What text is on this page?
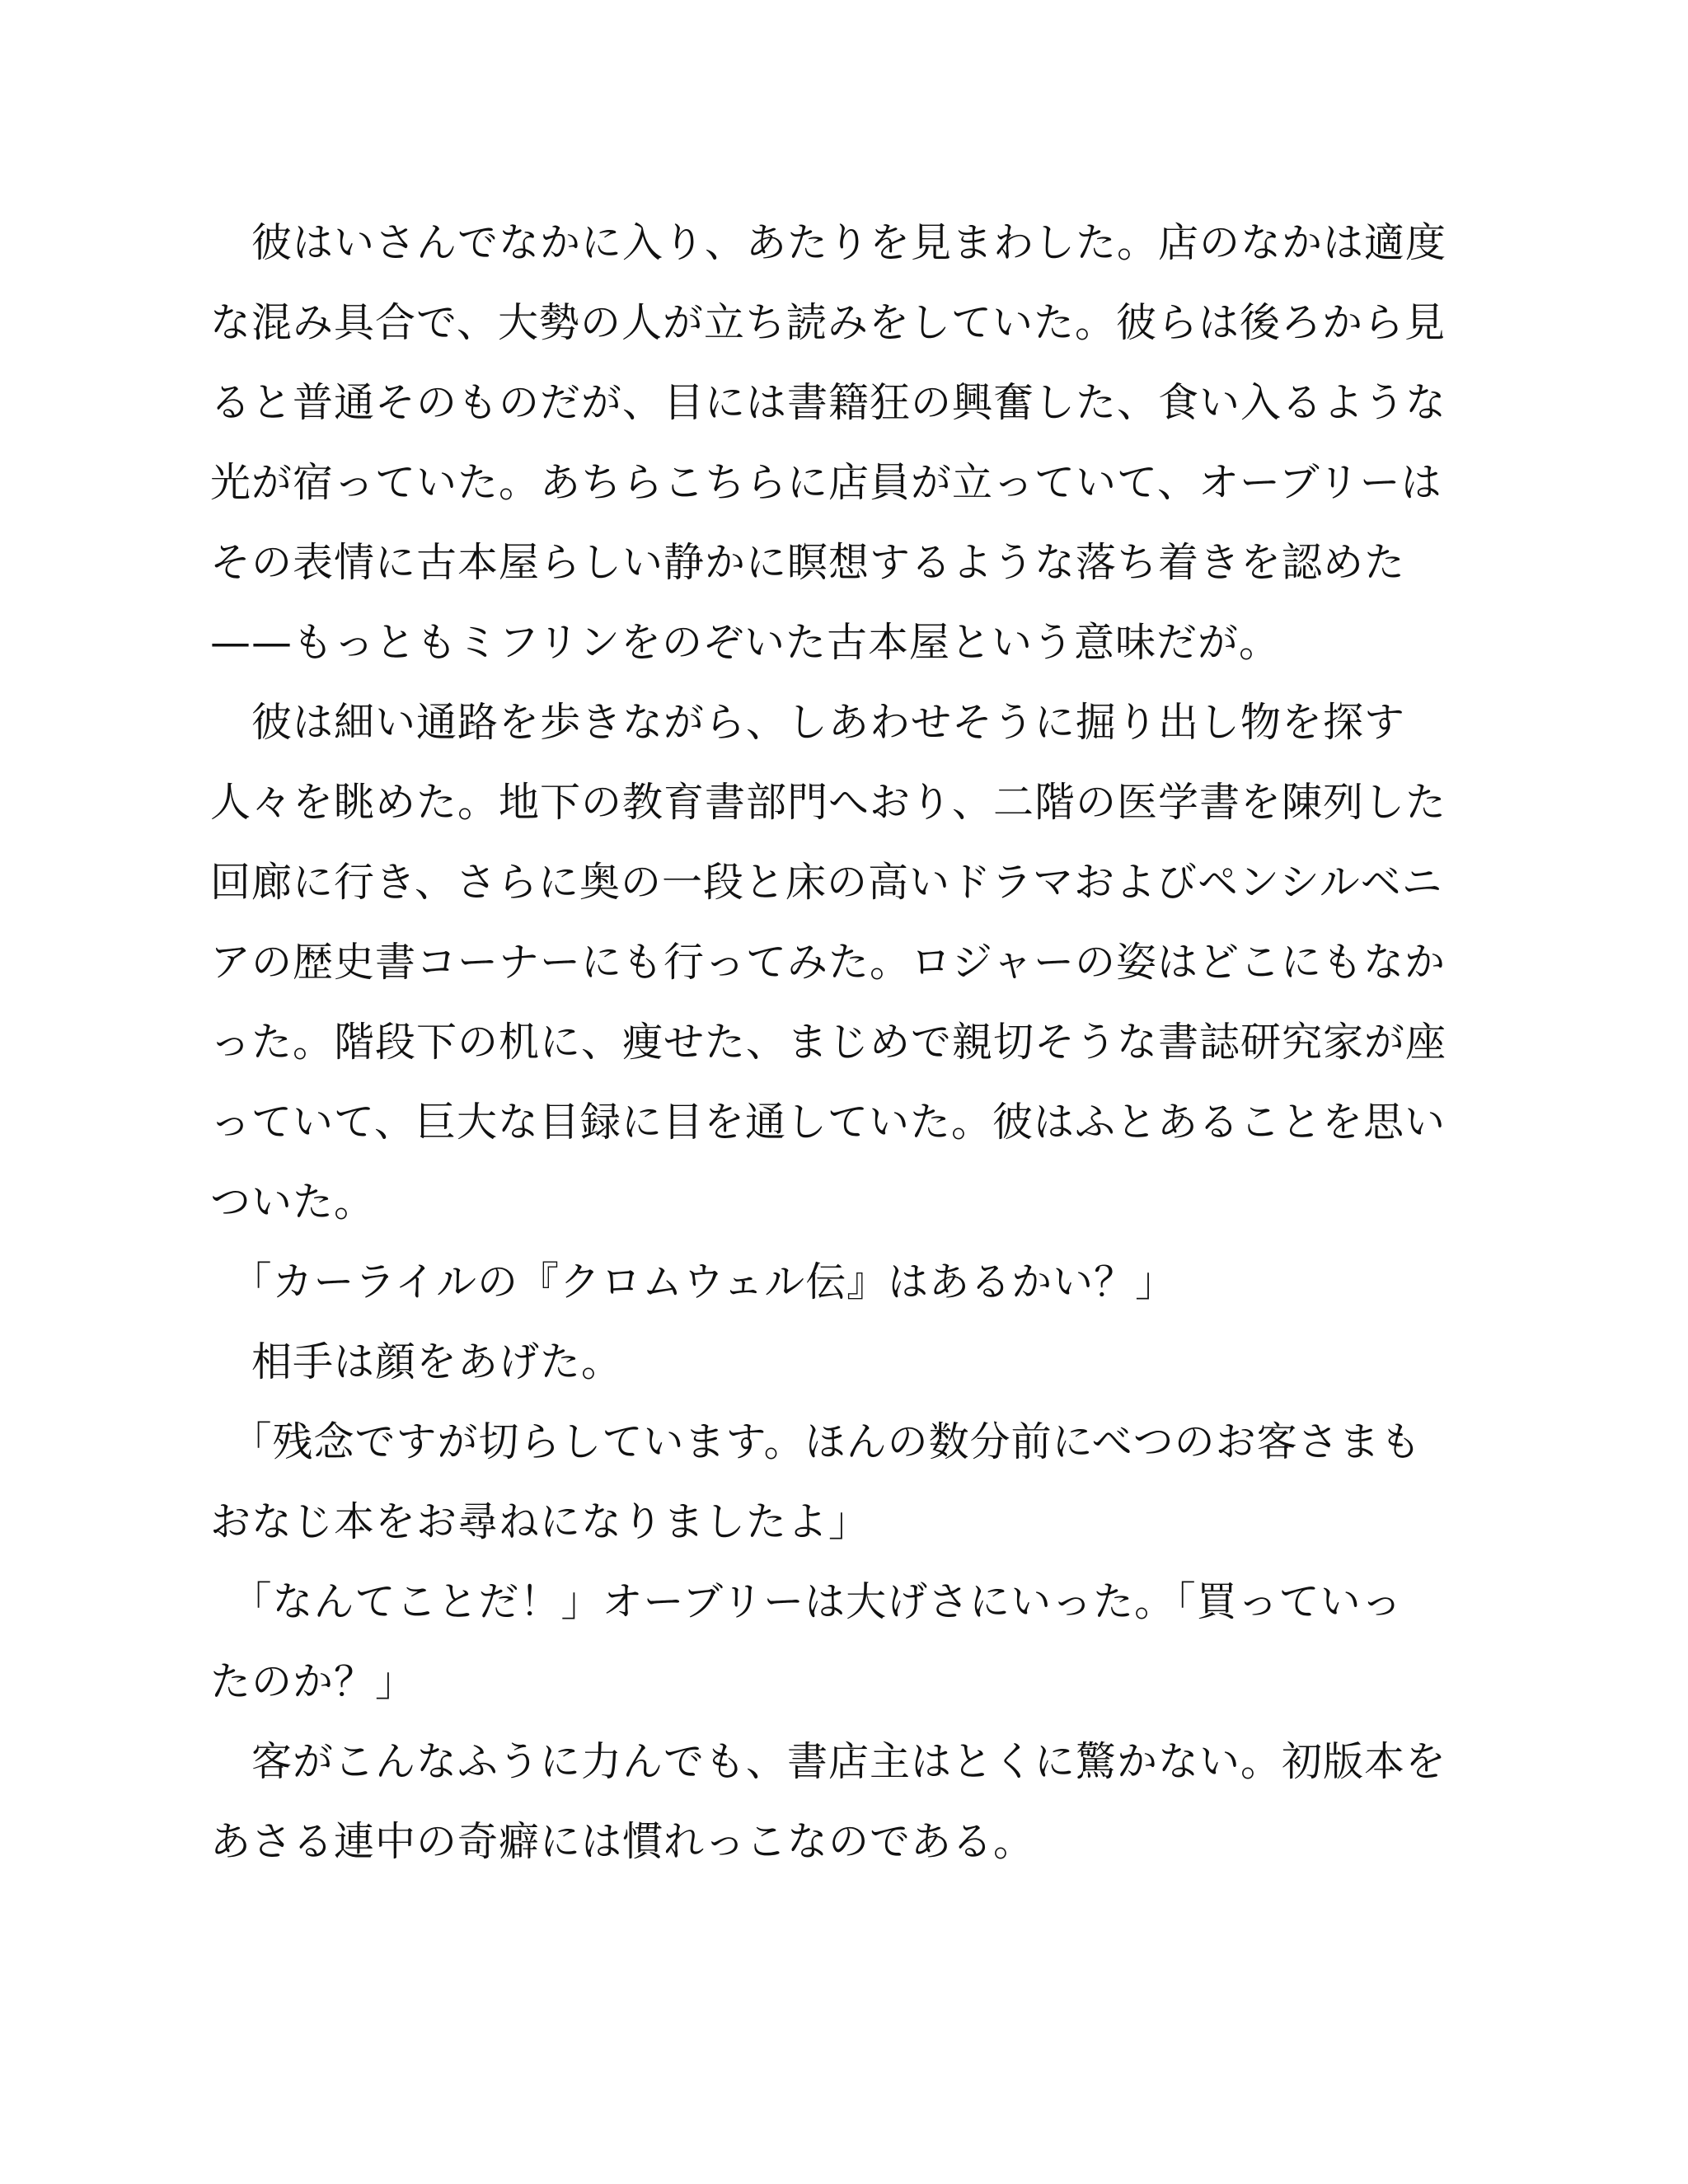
　彼はいさんでなかに入り、あたりを見まわした。店のなかは適度
な混み具合で、大勢の人が立ち読みをしていた。彼らは後ろから見
ると普通そのものだが、目には書籍狂の興奮した、食い入るような
光が宿っていた。あちらこちらに店員が立っていて、オーブリーは
その表情に古本屋らしい静かに瞑想するような落ち着きを認めた
——もっともミフリンをのぞいた古本屋という意味だが。
　彼は細い通路を歩きながら、しあわせそうに掘り出し物を探す
人々を眺めた。地下の教育書部門へおり、二階の医学書を陳列した
回廊に行き、さらに奥の一段と床の高いドラマおよびペンシルベニ
アの歴史書コーナーにも行ってみた。ロジャーの姿はどこにもなか
った。階段下の机に、痩せた、まじめで親切そうな書誌研究家が座
っていて、巨大な目録に目を通していた。彼はふとあることを思い
ついた。
　「カーライルの『クロムウェル伝』はあるかい？」
　相手は顔をあげた。
　「残念ですが切らしています。ほんの数分前にべつのお客さまも
おなじ本をお尋ねになりましたよ」
　「なんてことだ！」オーブリーは大げさにいった。「買っていっ
たのか？」
　客がこんなふうに力んでも、書店主はとくに驚かない。初版本を
あさる連中の奇癖には慣れっこなのである。
